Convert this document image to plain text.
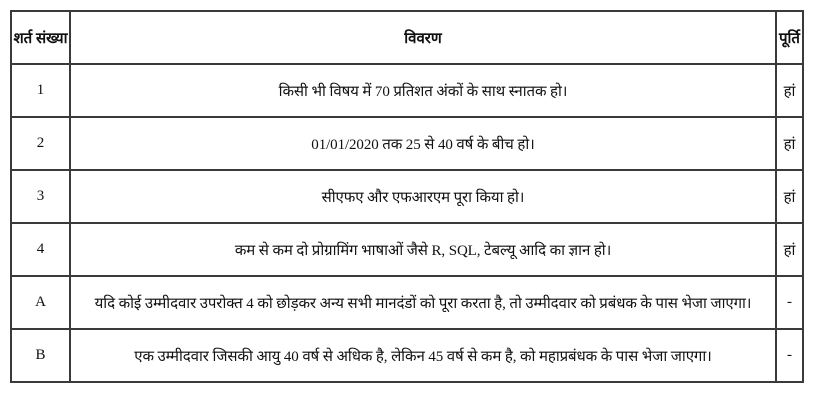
शर्त संख्या	विवरण	पूर्ति
1	किसी भी विषय में 70 प्रतिशत अंकों के साथ स्नातक हो।	हां
2	01/01/2020 तक 25 से 40 वर्ष के बीच हो।	हां
3	सीएफए और एफआरएम पूरा किया हो।	हां
4	कम से कम दो प्रोग्रामिंग भाषाओं जैसे R, SQL, टेबल्यू आदि का ज्ञान हो।	हां
A	यदि कोई उम्मीदवार उपरोक्त 4 को छोड़कर अन्य सभी मानदंडों को पूरा करता है, तो उम्मीदवार को प्रबंधक के पास भेजा जाएगा।	-
B	एक उम्मीदवार जिसकी आयु 40 वर्ष से अधिक है, लेकिन 45 वर्ष से कम है, को महाप्रबंधक के पास भेजा जाएगा।	-
